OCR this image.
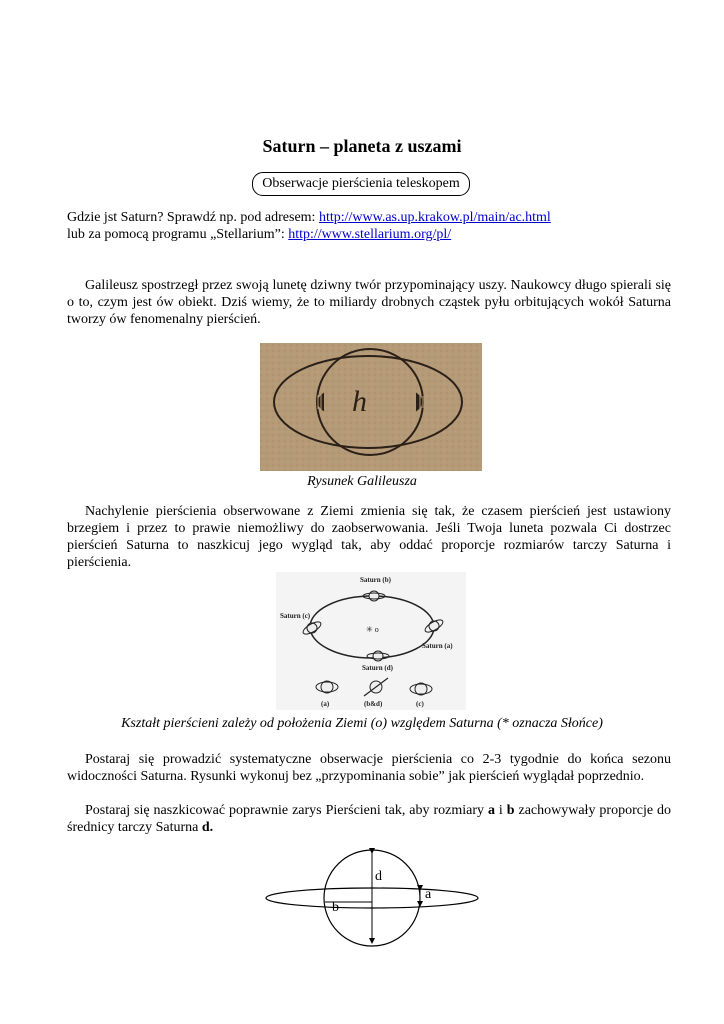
Saturn – planeta z uszami
Obserwacje pierścienia teleskopem
Gdzie jst Saturn? Sprawdź np. pod adresem: http://www.as.up.krakow.pl/main/ac.html
lub za pomocą programu „Stellarium”: http://www.stellarium.org/pl/
Galileusz spostrzegł przez swoją lunetę dziwny twór przypominający uszy. Naukowcy długo spierali się o to, czym jest ów obiekt. Dziś wiemy, że to miliardy drobnych cząstek pyłu orbitujących wokół Saturna tworzy ów fenomenalny pierścień.
h
Rysunek Galileusza
Nachylenie pierścienia obserwowane z Ziemi zmienia się tak, że czasem pierścień jest ustawiony brzegiem i przez to prawie niemożliwy do zaobserwowania. Jeśli Twoja luneta pozwala Ci dostrzec pierścień Saturna to naszkicuj jego wygląd tak, aby oddać proporcje rozmiarów tarczy Saturna i pierścienia.
Saturn (b)
Saturn (c)
✳ o
Saturn (a)
Saturn (d)
(a)	(b&d)	(c)
Kształt pierścieni zależy od położenia Ziemi (o) względem Saturna (* oznacza Słońce)
Postaraj się prowadzić systematyczne obserwacje pierścienia co 2-3 tygodnie do końca sezonu widoczności Saturna. Rysunki wykonuj bez „przypominania sobie” jak pierścień wyglądał poprzednio.
Postaraj się naszkicować poprawnie zarys Pierścieni tak, aby rozmiary a i b zachowywały proporcje do średnicy tarczy Saturna d.
d
a
b
